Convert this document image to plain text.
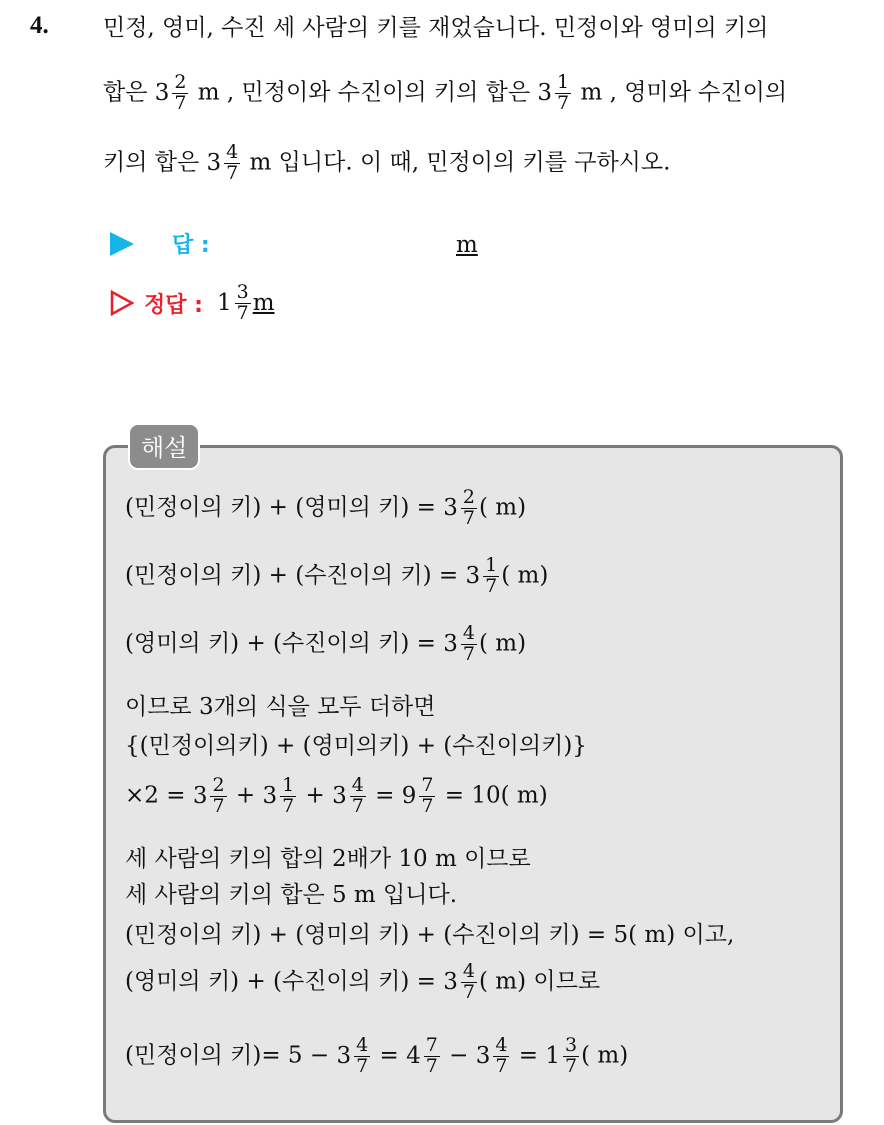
4. 민정, 영미, 수진 세 사람의 키를 재었습니다. 민정이와 영미의 키의
합은 $3 \frac{2}{7}$ m , 민정이와 수진이의 키의 합은 $3 \frac{1}{7}$ m , 영미와 수진이의
키의 합은 $3 \frac{4}{7}$ m 입니다. 이 때, 민정이의 키를 구하시오.
답 :	m
정답 : $1 \frac{3}{7}$ m
해설
(민정이의 키) + (영미의 키) = $3 \frac{2}{7}$ ( m)
(민정이의 키) + (수진이의 키) = $3 \frac{1}{7}$ ( m)
(영미의 키) + (수진이의 키) = $3 \frac{4}{7}$ ( m)
이므로 3개의 식을 모두 더하면
{(민정이의키) + (영미의키) + (수진이의키)}
$\times 2 = 3 \frac{2}{7} + 3 \frac{1}{7} + 3 \frac{4}{7} = 9 \frac{7}{7} = 10$( m)
세 사람의 키의 합의 2배가 10 m 이므로
세 사람의 키의 합은 5 m 입니다.
(민정이의 키) + (영미의 키) + (수진이의 키) = 5( m) 이고,
(영미의 키) + (수진이의 키) = $3 \frac{4}{7}$ ( m) 이므로
(민정이의 키)= $5 - 3 \frac{4}{7} = 4 \frac{7}{7} - 3 \frac{4}{7} = 1 \frac{3}{7}$ ( m)
